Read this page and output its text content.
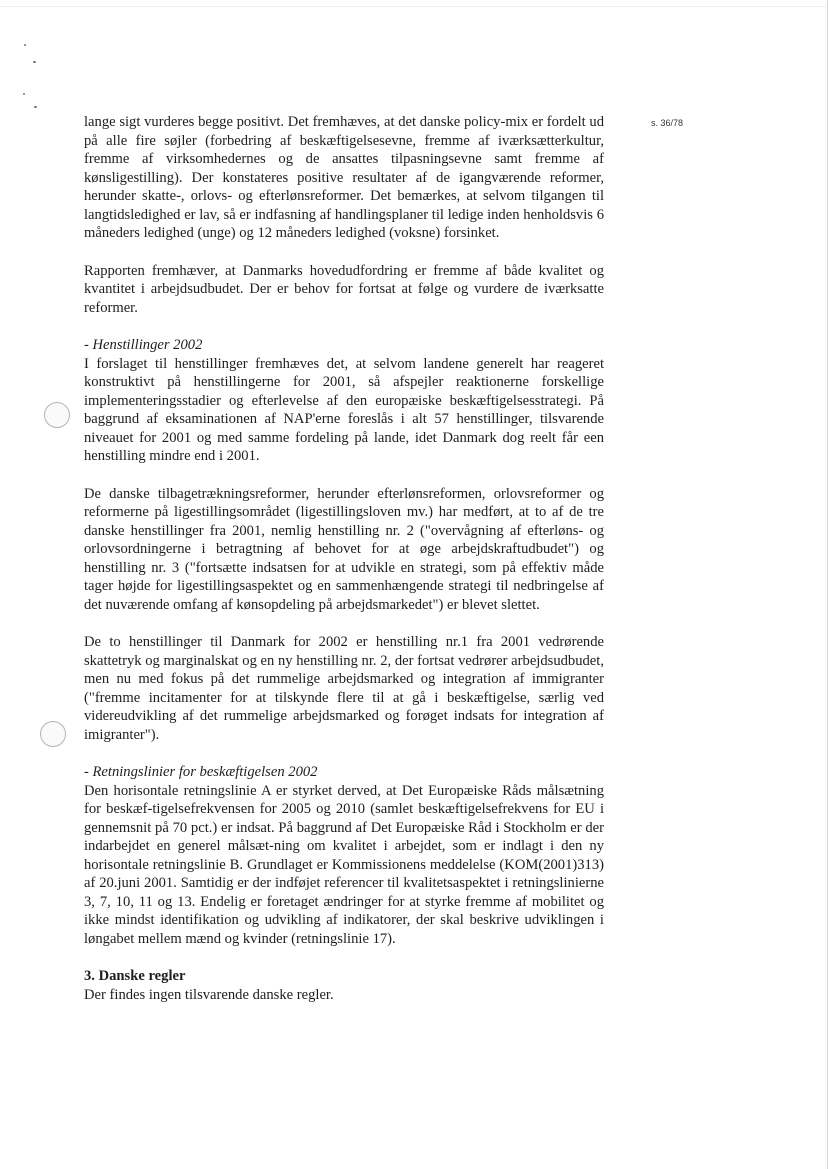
s. 36/78

lange sigt vurderes begge positivt. Det fremhæves, at det danske policy-mix er fordelt ud på alle fire søjler (forbedring af beskæftigelsesevne, fremme af iværksætterkultur, fremme af virksomhedernes og de ansattes tilpasningsevne samt fremme af kønsligestilling). Der konstateres positive resultater af de igangværende reformer, herunder skatte-, orlovs- og efterlønsreformer. Det bemærkes, at selvom tilgangen til langtidsledighed er lav, så er indfasning af handlingsplaner til ledige inden henholdsvis 6 måneders ledighed (unge) og 12 måneders ledighed (voksne) forsinket.

Rapporten fremhæver, at Danmarks hovedudfordring er fremme af både kvalitet og kvantitet i arbejdsudbudet. Der er behov for fortsat at følge og vurdere de iværksatte reformer.

- Henstillinger 2002

I forslaget til henstillinger fremhæves det, at selvom landene generelt har reageret konstruktivt på henstillingerne for 2001, så afspejler reaktionerne forskellige implementeringsstadier og efterlevelse af den europæiske beskæftigelsesstrategi. På baggrund af eksaminationen af NAP'erne foreslås i alt 57 henstillinger, tilsvarende niveauet for 2001 og med samme fordeling på lande, idet Danmark dog reelt får een henstilling mindre end i 2001.

De danske tilbagetrækningsreformer, herunder efterlønsreformen, orlovsreformer og reformerne på ligestillingsområdet (ligestillingsloven mv.) har medført, at to af de tre danske henstillinger fra 2001, nemlig henstilling nr. 2 ("overvågning af efterløns- og orlovsordningerne i betragtning af behovet for at øge arbejdskraftudbudet") og henstilling nr. 3 ("fortsætte indsatsen for at udvikle en strategi, som på effektiv måde tager højde for ligestillingsaspektet og en sammenhængende strategi til nedbringelse af det nuværende omfang af kønsopdeling på arbejdsmarkedet") er blevet slettet.

De to henstillinger til Danmark for 2002 er henstilling nr.1 fra 2001 vedrørende skattetryk og marginalskat og en ny henstilling nr. 2, der fortsat vedrører arbejdsudbudet, men nu med fokus på det rummelige arbejdsmarked og integration af immigranter ("fremme incitamenter for at tilskynde flere til at gå i beskæftigelse, særlig ved videreudvikling af det rummelige arbejdsmarked og forøget indsats for integration af imigranter").

- Retningslinier for beskæftigelsen 2002

Den horisontale retningslinie A er styrket derved, at Det Europæiske Råds målsætning for beskæf-tigelsefrekvensen for 2005 og 2010 (samlet beskæftigelsefrekvens for EU i gennemsnit på 70 pct.) er indsat. På baggrund af Det Europæiske Råd i Stockholm er der indarbejdet en generel målsæt-ning om kvalitet i arbejdet, som er indlagt i den ny horisontale retningslinie B. Grundlaget er Kommissionens meddelelse (KOM(2001)313) af 20.juni 2001. Samtidig er der indføjet referencer til kvalitetsaspektet i retningslinierne 3, 7, 10, 11 og 13. Endelig er foretaget ændringer for at styrke fremme af mobilitet og ikke mindst identifikation og udvikling af indikatorer, der skal beskrive udviklingen i løngabet mellem mænd og kvinder (retningslinie 17).

3. Danske regler

Der findes ingen tilsvarende danske regler.
